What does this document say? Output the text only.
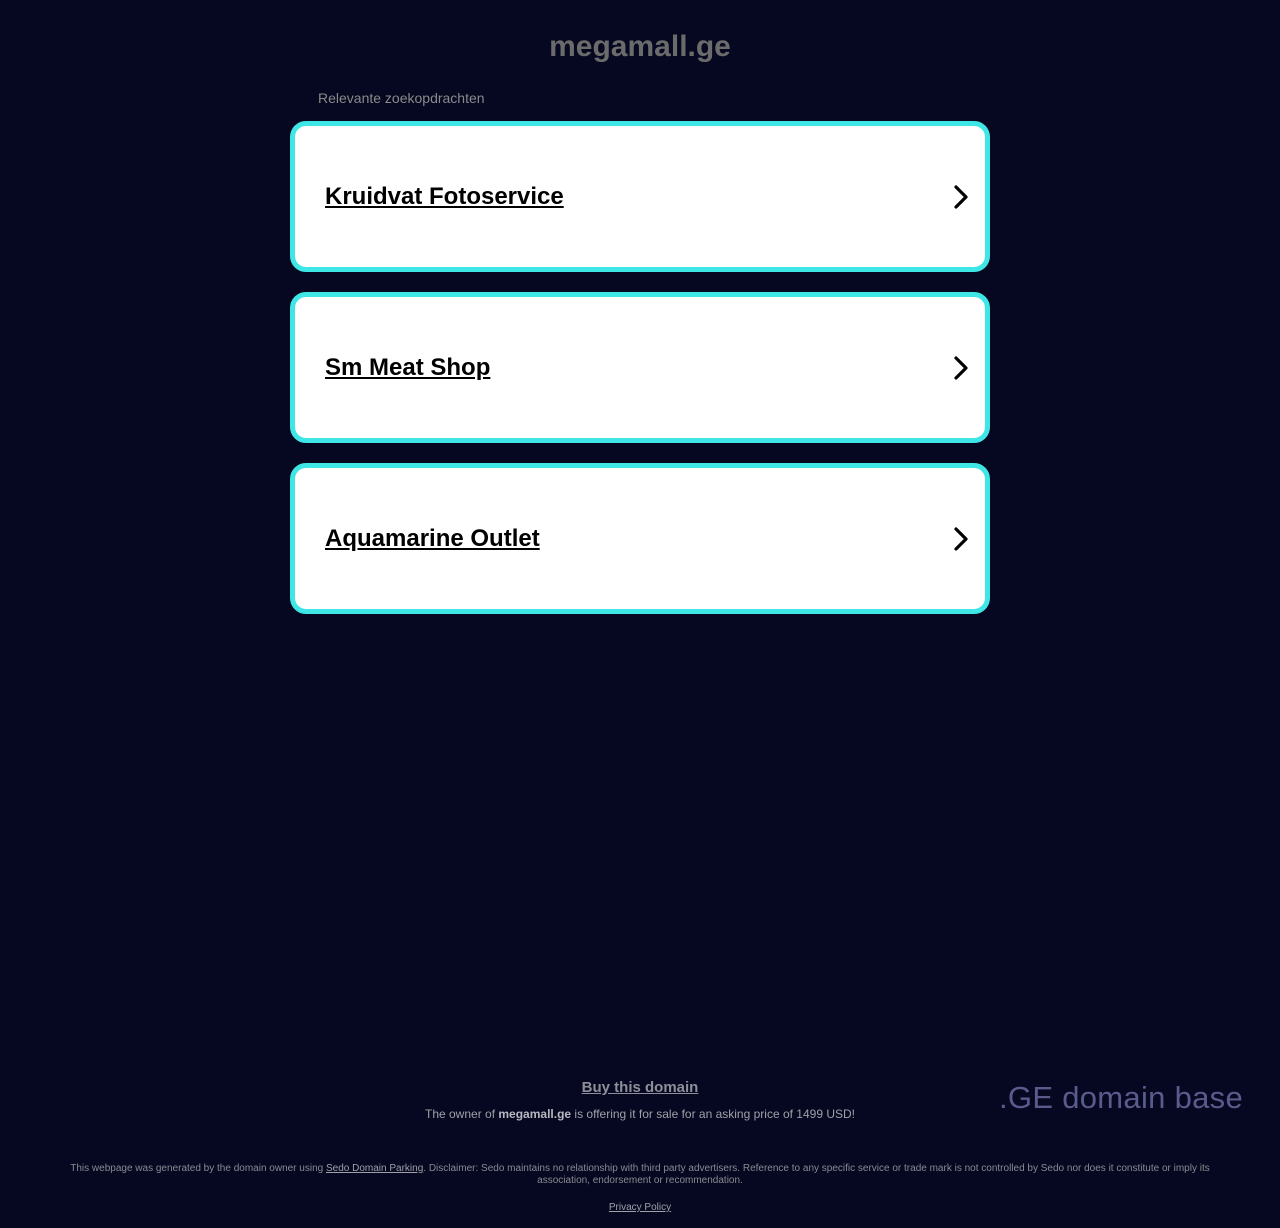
megamall.ge
Relevante zoekopdrachten
Kruidvat Fotoservice
Sm Meat Shop
Aquamarine Outlet
Buy this domain
The owner of megamall.ge is offering it for sale for an asking price of 1499 USD!	.GE domain base
This webpage was generated by the domain owner using Sedo Domain Parking. Disclaimer: Sedo maintains no relationship with third party advertisers. Reference to any specific service or trade mark is not controlled by Sedo nor does it constitute or imply its association, endorsement or recommendation.
Privacy Policy
